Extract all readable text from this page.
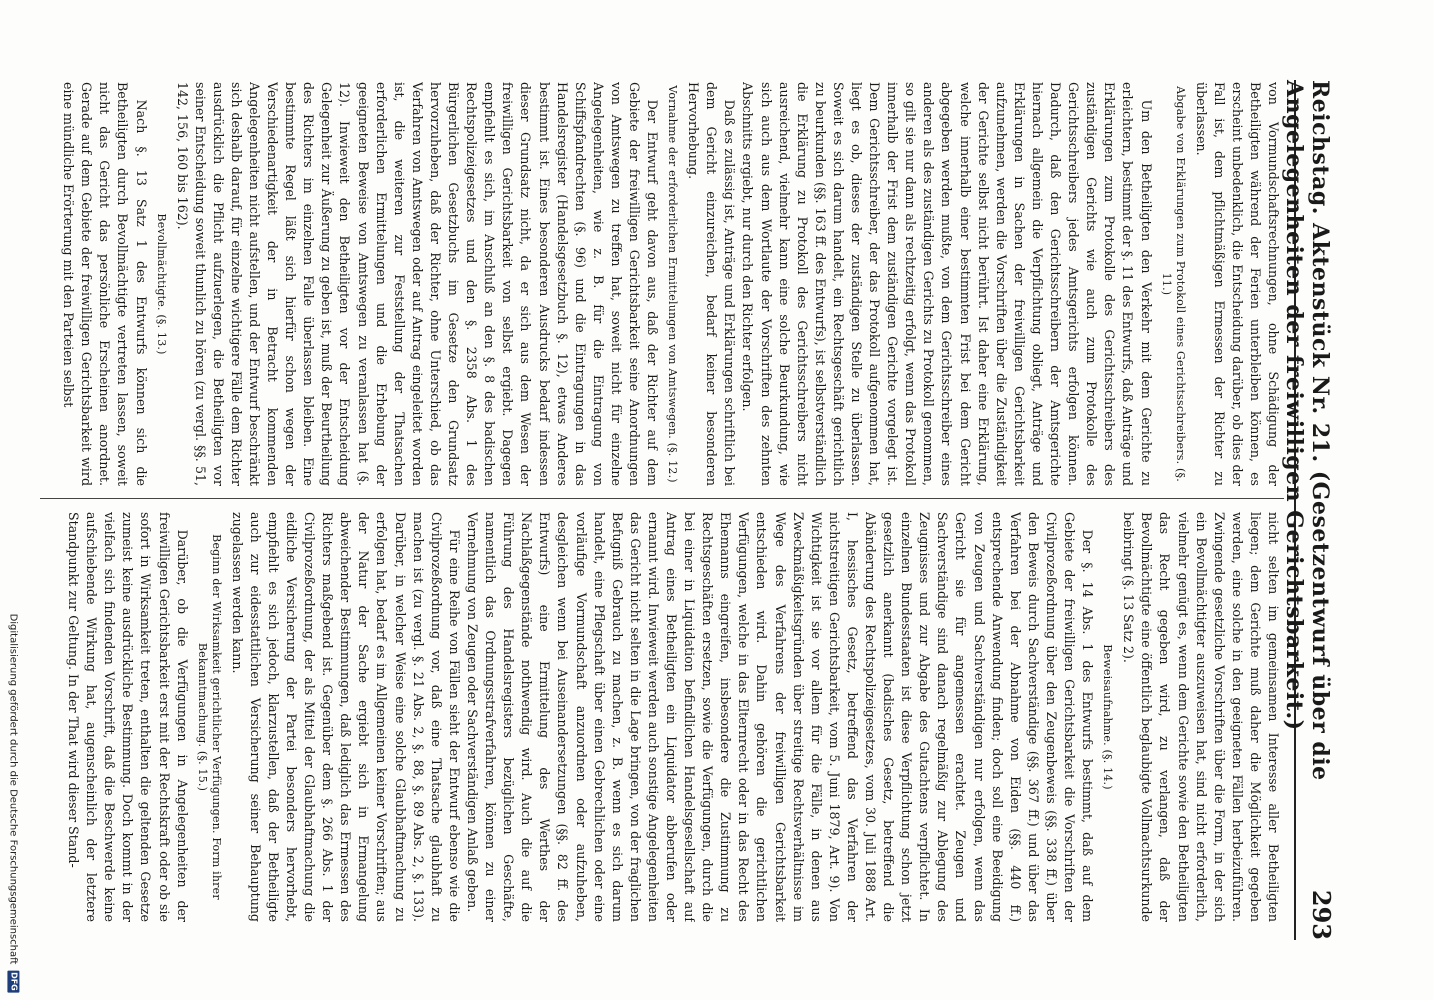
Reichstag. Aktenstück Nr. 21. (Gesetzentwurf über die Angelegenheiten der freiwilligen Gerichtsbarkeit.)
293

von Vormundschaftsrechnungen, ohne Schädigung der Betheiligten während der Ferien unterbleiben können, es erscheint unbedenklich, die Entscheidung darüber, ob dies der Fall ist, dem pflichtmäßigen Ermessen der Richter zu überlassen.

Abgabe von Erklärungen zum Protokoll eines Gerichtsschreibers. (§. 11.)

Um den Betheiligten den Verkehr mit dem Gerichte zu erleichtern, bestimmt der §. 11 des Entwurfs, daß Anträge und Erklärungen zum Protokolle des Gerichtsschreibers des zuständigen Gerichts wie auch zum Protokolle des Gerichtsschreibers jedes Amtsgerichts erfolgen können. Dadurch, daß den Gerichtsschreibern der Amtsgerichte hiernach allgemein die Verpflichtung obliegt, Anträge und Erklärungen in Sachen der freiwilligen Gerichtsbarkeit aufzunehmen, werden die Vorschriften über die Zuständigkeit der Gerichte selbst nicht berührt. Ist daher eine Erklärung, welche innerhalb einer bestimmten Frist bei dem Gericht abgegeben werden mußte, von dem Gerichtsschreiber eines anderen als des zuständigen Gerichts zu Protokoll genommen, so gilt sie nur dann als rechtzeitig erfolgt, wenn das Protokoll innerhalb der Frist dem zuständigen Gerichte vorgelegt ist. Dem Gerichtsschreiber, der das Protokoll aufgenommen hat, liegt es ob, dieses der zuständigen Stelle zu überlassen. Soweit es sich darum handelt, ein Rechtsgeschäft gerichtlich zu beurkunden (§§. 163 ff. des Entwurfs), ist selbstverständlich die Erklärung zu Protokoll des Gerichtsschreibers nicht ausreichend, vielmehr kann eine solche Beurkundung, wie sich auch aus dem Wortlaute der Vorschriften des zehnten Abschnitts ergiebt, nur durch den Richter erfolgen.

Daß es zulässig ist, Anträge und Erklärungen schriftlich bei dem Gericht einzureichen, bedarf keiner besonderen Hervorhebung.

Vornahme der erforderlichen Ermittelungen von Amtswegen. (§. 12.)

Der Entwurf geht davon aus, daß der Richter auf dem Gebiete der freiwilligen Gerichtsbarkeit seine Anordnungen von Amtswegen zu treffen hat, soweit nicht für einzelne Angelegenheiten, wie z. B. für die Eintragung von Schiffspfandrechten (§. 96) und die Eintragungen in das Handelsregister (Handelsgesetzbuch §. 12), etwas Anderes bestimmt ist. Eines besonderen Ausdrucks bedarf indessen dieser Grundsatz nicht, da er sich aus dem Wesen der freiwilligen Gerichtsbarkeit von selbst ergiebt. Dagegen empfiehlt es sich, im Anschluß an den §. 8 des badischen Rechtspolizeigesetzes und den §. 2358 Abs. 1 des Bürgerlichen Gesetzbuchs im Gesetze den Grundsatz hervorzuheben, daß der Richter, ohne Unterschied, ob das Verfahren von Amtswegen oder auf Antrag eingeleitet worden ist, die weiteren zur Feststellung der Thatsachen erforderlichen Ermittelungen und die Erhebung der geeigneten Beweise von Amtswegen zu veranlassen hat (§. 12). Inwieweit den Betheiligten vor der Entscheidung Gelegenheit zur Äußerung zu geben ist, muß der Beurtheilung des Richters im einzelnen Falle überlassen bleiben. Eine bestimmte Regel läßt sich hierfür schon wegen der Verschiedenartigkeit der in Betracht kommenden Angelegenheiten nicht aufstellen, und der Entwurf beschränkt sich deshalb darauf, für einzelne wichtigere Fälle dem Richter ausdrücklich die Pflicht aufzuerlegen, die Betheiligten vor seiner Entscheidung soweit thunlich zu hören (zu vergl. §§. 51, 142, 156, 160 bis 162).

Bevollmächtigte. (§. 13.)

Nach §. 13 Satz 1 des Entwurfs können sich die Betheiligten durch Bevollmächtigte vertreten lassen, soweit nicht das Gericht das persönliche Erscheinen anordnet. Gerade auf dem Gebiete der freiwilligen Gerichtsbarkeit wird eine mündliche Erörterung mit den Parteien selbst

nicht selten im gemeinsamen Interesse aller Betheiligten liegen; dem Gerichte muß daher die Möglichkeit gegeben werden, eine solche in den geeigneten Fällen herbeizuführen. Zwingende gesetzliche Vorschriften über die Form, in der sich ein Bevollmächtigter auszuweisen hat, sind nicht erforderlich, vielmehr genügt es, wenn dem Gerichte sowie den Betheiligten das Recht gegeben wird, zu verlangen, daß der Bevollmächtigte eine öffentlich beglaubigte Vollmachtsurkunde beibringt (§. 13 Satz 2).

Beweisaufnahme. (§. 14.)

Der §. 14 Abs. 1 des Entwurfs bestimmt, daß auf dem Gebiete der freiwilligen Gerichtsbarkeit die Vorschriften der Civilprozeßordnung über den Zeugenbeweis (§§. 338 ff.) über den Beweis durch Sachverständige (§§. 367 ff.) und über das Verfahren bei der Abnahme von Eiden (§§. 440 ff.) entsprechende Anwendung finden; doch soll eine Beeidigung von Zeugen und Sachverständigen nur erfolgen, wenn das Gericht sie für angemessen erachtet. Zeugen und Sachverständige sind danach regelmäßig zur Ablegung des Zeugnisses und zur Abgabe des Gutachtens verpflichtet. In einzelnen Bundesstaaten ist diese Verpflichtung schon jetzt gesetzlich anerkannt (badisches Gesetz, betreffend die Abänderung des Rechtspolizeigesetzes, vom 30. Juli 1888 Art. I, hessisches Gesetz, betreffend das Verfahren der nichtstreitigen Gerichtsbarkeit, vom 5. Juni 1879, Art. 9). Von Wichtigkeit ist sie vor allem für die Fälle, in denen aus Zweckmäßigkeitsgründen über streitige Rechtsverhältnisse im Wege des Verfahrens der freiwilligen Gerichtsbarkeit entschieden wird. Dahin gehören die gerichtlichen Verfügungen, welche in das Elternrecht oder in das Recht des Ehemanns eingreifen, insbesondere die Zustimmung zu Rechtsgeschäften ersetzen, sowie die Verfügungen, durch die bei einer in Liquidation befindlichen Handelsgesellschaft auf Antrag eines Betheiligten ein Liquidator abberufen oder ernannt wird. Inwieweit werden auch sonstige Angelegenheiten das Gericht nicht selten in die Lage bringen, von der fraglichen Befugniß Gebrauch zu machen, z. B. wenn es sich darum handelt, eine Pflegschaft über einen Gebrechlichen oder eine vorläufige Vormundschaft anzuordnen oder aufzuheben, desgleichen wenn bei Auseinandersetzungen (§§. 82 ff. des Entwurfs) eine Ermittelung des Werthes der Nachlaßgegenstände nothwendig wird. Auch die auf die Führung des Handelsregisters bezüglichen Geschäfte, namentlich das Ordnungsstrafverfahren, können zu einer Vernehmung von Zeugen oder Sachverständigen Anlaß geben.

Für eine Reihe von Fällen sieht der Entwurf ebenso wie die Civilprozeßordnung vor, daß eine Thatsache glaubhaft zu machen ist (zu vergl. §. 21 Abs. 2, §. 88, §. 89 Abs. 2, §. 133). Darüber, in welcher Weise eine solche Glaubhaftmachung zu erfolgen hat, bedarf es im Allgemeinen keiner Vorschriften; aus der Natur der Sache ergiebt sich in Ermangelung abweichender Bestimmungen, daß lediglich das Ermessen des Richters maßgebend ist. Gegenüber dem §. 266 Abs. 1 der Civilprozeßordnung, der als Mittel der Glaubhaftmachung die eidliche Versicherung der Partei besonders hervorhebt, empfiehlt es sich jedoch, klarzustellen, daß der Betheiligte auch zur eidesstattlichen Versicherung seiner Behauptung zugelassen werden kann.

Beginn der Wirksamkeit gerichtlicher Verfügungen. Form ihrer Bekanntmachung. (§. 15.)

Darüber, ob die Verfügungen in Angelegenheiten der freiwilligen Gerichtsbarkeit erst mit der Rechtskraft oder ob sie sofort in Wirksamkeit treten, enthalten die geltenden Gesetze zumeist keine ausdrückliche Bestimmung. Doch kommt in der vielfach sich findenden Vorschrift, daß die Beschwerde keine aufschiebende Wirkung hat, augenscheinlich der letztere Standpunkt zur Geltung. In der That wird dieser Stand-

Digitalisierung gefördert durch die Deutsche Forschungsgemeinschaft
DFG
